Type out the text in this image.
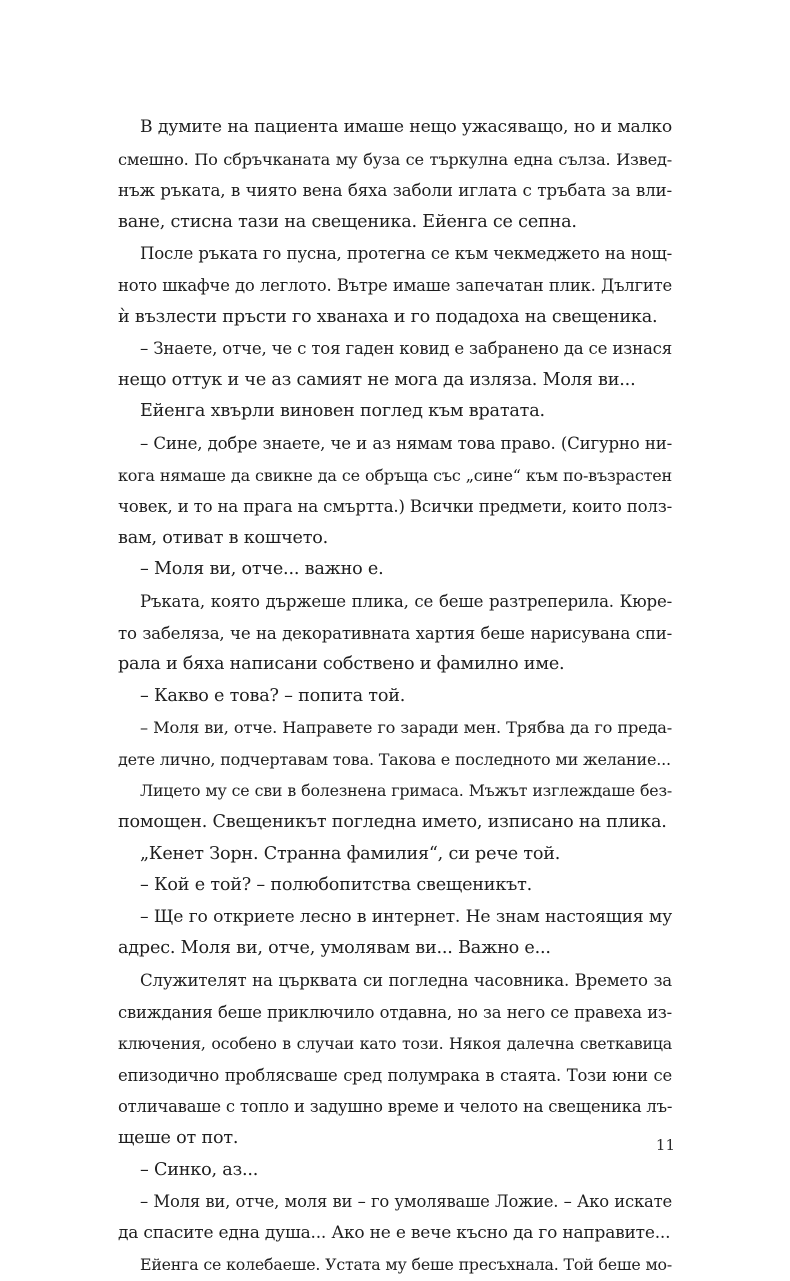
В думите на пациента имаше нещо ужасяващо, но и малко
смешно. По сбръчканата му буза се търкулна една сълза. Извед-
нъж ръката, в чиято вена бяха заболи иглата с тръбата за вли-
ване, стисна тази на свещеника. Ейенга се сепна.
После ръката го пусна, протегна се към чекмеджето на нощ-
ното шкафче до леглото. Вътре имаше запечатан плик. Дългите
ѝ възлести пръсти го хванаха и го подадоха на свещеника.
– Знаете, отче, че с тоя гаден ковид е забранено да се изнася
нещо оттук и че аз самият не мога да изляза. Моля ви...
Ейенга хвърли виновен поглед към вратата.
– Сине, добре знаете, че и аз нямам това право. (Сигурно ни-
кога нямаше да свикне да се обръща със „сине“ към по-възрастен
човек, и то на прага на смъртта.) Всички предмети, които полз-
вам, отиват в кошчето.
– Моля ви, отче... важно е.
Ръката, която държеше плика, се беше разтреперила. Кюре-
то забеляза, че на декоративната хартия беше нарисувана спи-
рала и бяха написани собствено и фамилно име.
– Какво е това? – попита той.
– Моля ви, отче. Направете го заради мен. Трябва да го преда-
дете лично, подчертавам това. Такова е последното ми желание...
Лицето му се сви в болезнена гримаса. Мъжът изглеждаше без-
помощен. Свещеникът погледна името, изписано на плика.
„Кенет Зорн. Странна фамилия“, си рече той.
– Кой е той? – полюбопитства свещеникът.
– Ще го откриете лесно в интернет. Не знам настоящия му
адрес. Моля ви, отче, умолявам ви... Важно е...
Служителят на църквата си погледна часовника. Времето за
свиждания беше приключило отдавна, но за него се правеха из-
ключения, особено в случаи като този. Някоя далечна светкавица
епизодично проблясваше сред полумрака в стаята. Този юни се
отличаваше с топло и задушно време и челото на свещеника лъ-
щеше от пот.
– Синко, аз...
– Моля ви, отче, моля ви – го умоляваше Ложие. – Ако искате
да спасите една душа... Ако не е вече късно да го направите...
Ейенга се колебаеше. Устата му беше пресъхнала. Той беше мо-
11
